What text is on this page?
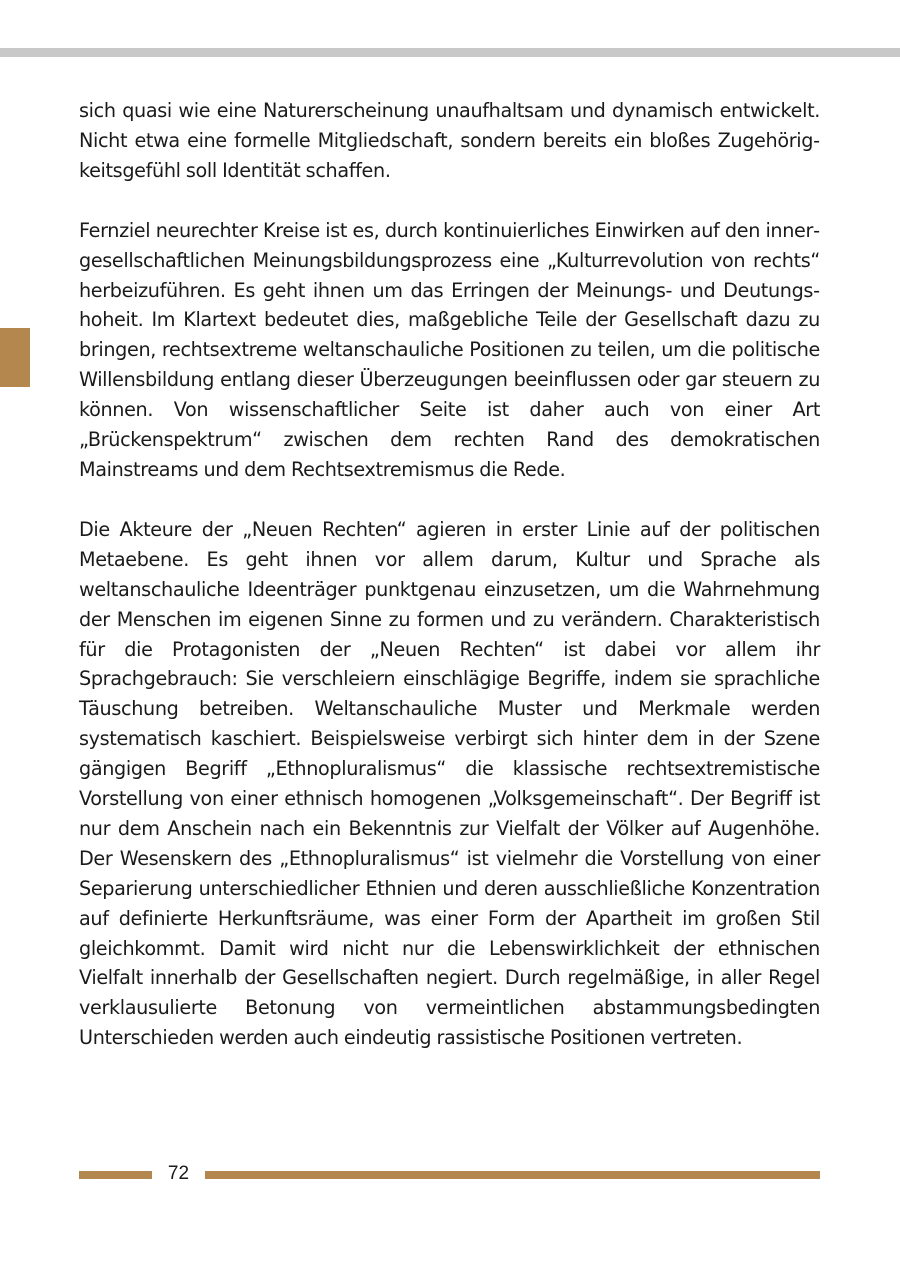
sich quasi wie eine Naturerscheinung unaufhaltsam und dynamisch entwickelt. Nicht etwa eine formelle Mitgliedschaft, sondern bereits ein bloßes Zugehörigkeitsgefühl soll Identität schaffen.

Fernziel neurechter Kreise ist es, durch kontinuierliches Einwirken auf den innergesellschaftlichen Meinungsbildungsprozess eine „Kulturrevolution von rechts“ herbeizuführen. Es geht ihnen um das Erringen der Meinungs- und Deutungshoheit. Im Klartext bedeutet dies, maßgebliche Teile der Gesellschaft dazu zu bringen, rechtsextreme weltanschauliche Positionen zu teilen, um die politische Willensbildung entlang dieser Überzeugungen beeinflussen oder gar steuern zu können. Von wissenschaftlicher Seite ist daher auch von einer Art „Brückenspektrum“ zwischen dem rechten Rand des demokratischen Mainstreams und dem Rechtsextremismus die Rede.

Die Akteure der „Neuen Rechten“ agieren in erster Linie auf der politischen Metaebene. Es geht ihnen vor allem darum, Kultur und Sprache als weltanschauliche Ideenträger punktgenau einzusetzen, um die Wahrnehmung der Menschen im eigenen Sinne zu formen und zu verändern. Charakteristisch für die Protagonisten der „Neuen Rechten“ ist dabei vor allem ihr Sprachgebrauch: Sie verschleiern einschlägige Begriffe, indem sie sprachliche Täuschung betreiben. Weltanschauliche Muster und Merkmale werden systematisch kaschiert. Beispielsweise verbirgt sich hinter dem in der Szene gängigen Begriff „Ethnopluralismus“ die klassische rechtsextremistische Vorstellung von einer ethnisch homogenen „Volksgemeinschaft“. Der Begriff ist nur dem Anschein nach ein Bekenntnis zur Vielfalt der Völker auf Augenhöhe. Der Wesenskern des „Ethnopluralismus“ ist vielmehr die Vorstellung von einer Separierung unterschiedlicher Ethnien und deren ausschließliche Konzentration auf definierte Herkunftsräume, was einer Form der Apartheit im großen Stil gleichkommt. Damit wird nicht nur die Lebenswirklichkeit der ethnischen Vielfalt innerhalb der Gesellschaften negiert. Durch regelmäßige, in aller Regel verklausulierte Betonung von vermeintlichen abstammungsbedingten Unterschieden werden auch eindeutig rassistische Positionen vertreten.

72
